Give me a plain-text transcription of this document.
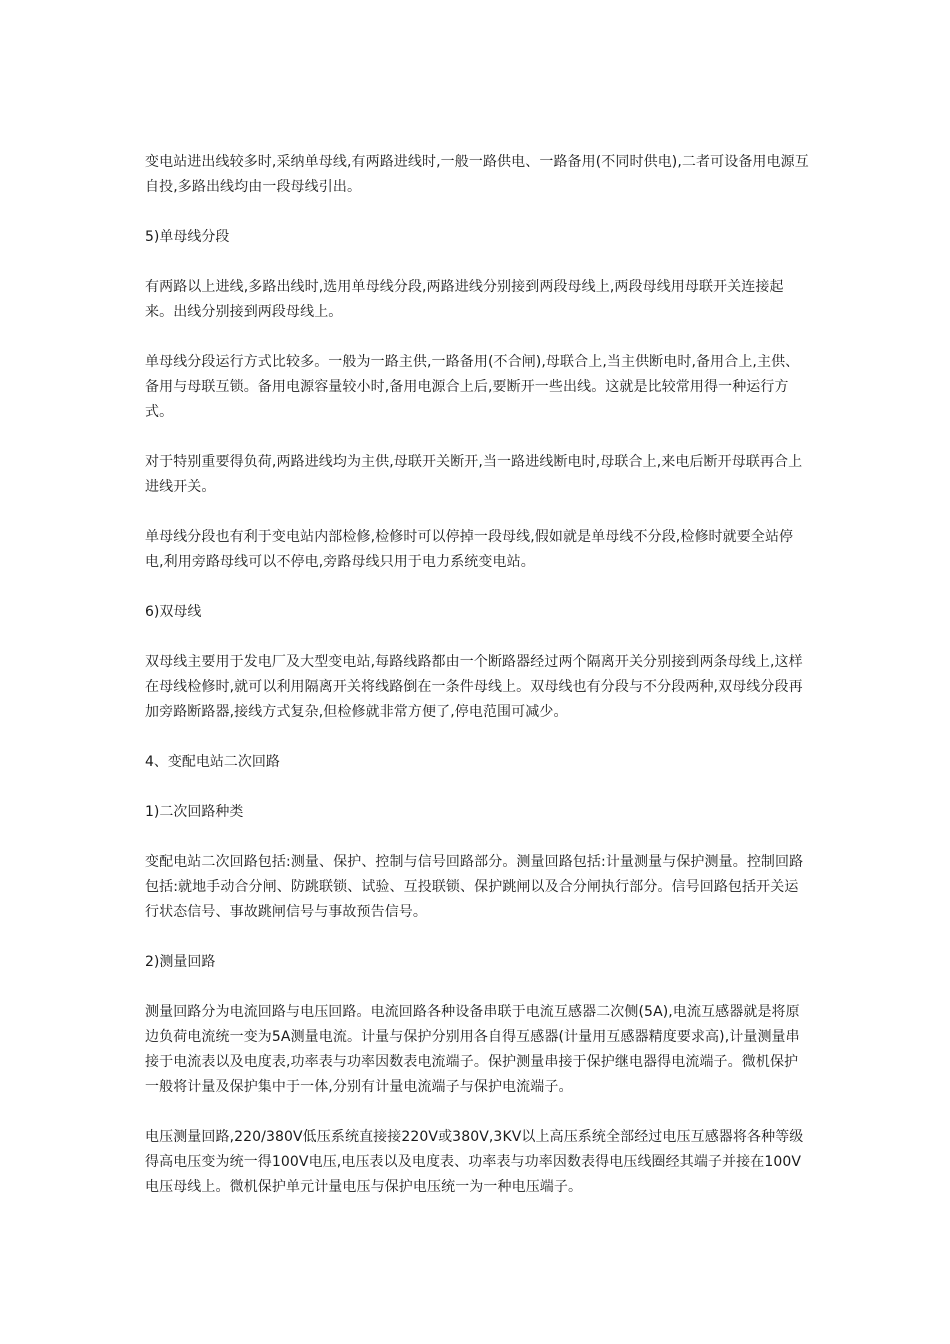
变电站进出线较多时,采纳单母线,有两路进线时,一般一路供电、一路备用(不同时供电),二者可设备用电源互自投,多路出线均由一段母线引出。

5)单母线分段

有两路以上进线,多路出线时,选用单母线分段,两路进线分别接到两段母线上,两段母线用母联开关连接起来。出线分别接到两段母线上。

单母线分段运行方式比较多。一般为一路主供,一路备用(不合闸),母联合上,当主供断电时,备用合上,主供、备用与母联互锁。备用电源容量较小时,备用电源合上后,要断开一些出线。这就是比较常用得一种运行方式。

对于特别重要得负荷,两路进线均为主供,母联开关断开,当一路进线断电时,母联合上,来电后断开母联再合上进线开关。

单母线分段也有利于变电站内部检修,检修时可以停掉一段母线,假如就是单母线不分段,检修时就要全站停电,利用旁路母线可以不停电,旁路母线只用于电力系统变电站。

6)双母线

双母线主要用于发电厂及大型变电站,每路线路都由一个断路器经过两个隔离开关分别接到两条母线上,这样在母线检修时,就可以利用隔离开关将线路倒在一条件母线上。双母线也有分段与不分段两种,双母线分段再加旁路断路器,接线方式复杂,但检修就非常方便了,停电范围可减少。

4、变配电站二次回路

1)二次回路种类

变配电站二次回路包括:测量、保护、控制与信号回路部分。测量回路包括:计量测量与保护测量。控制回路包括:就地手动合分闸、防跳联锁、试验、互投联锁、保护跳闸以及合分闸执行部分。信号回路包括开关运行状态信号、事故跳闸信号与事故预告信号。

2)测量回路

测量回路分为电流回路与电压回路。电流回路各种设备串联于电流互感器二次侧(5A),电流互感器就是将原边负荷电流统一变为5A测量电流。计量与保护分别用各自得互感器(计量用互感器精度要求高),计量测量串接于电流表以及电度表,功率表与功率因数表电流端子。保护测量串接于保护继电器得电流端子。微机保护一般将计量及保护集中于一体,分别有计量电流端子与保护电流端子。

电压测量回路,220/380V低压系统直接接220V或380V,3KV以上高压系统全部经过电压互感器将各种等级得高电压变为统一得100V电压,电压表以及电度表、功率表与功率因数表得电压线圈经其端子并接在100V电压母线上。微机保护单元计量电压与保护电压统一为一种电压端子。
